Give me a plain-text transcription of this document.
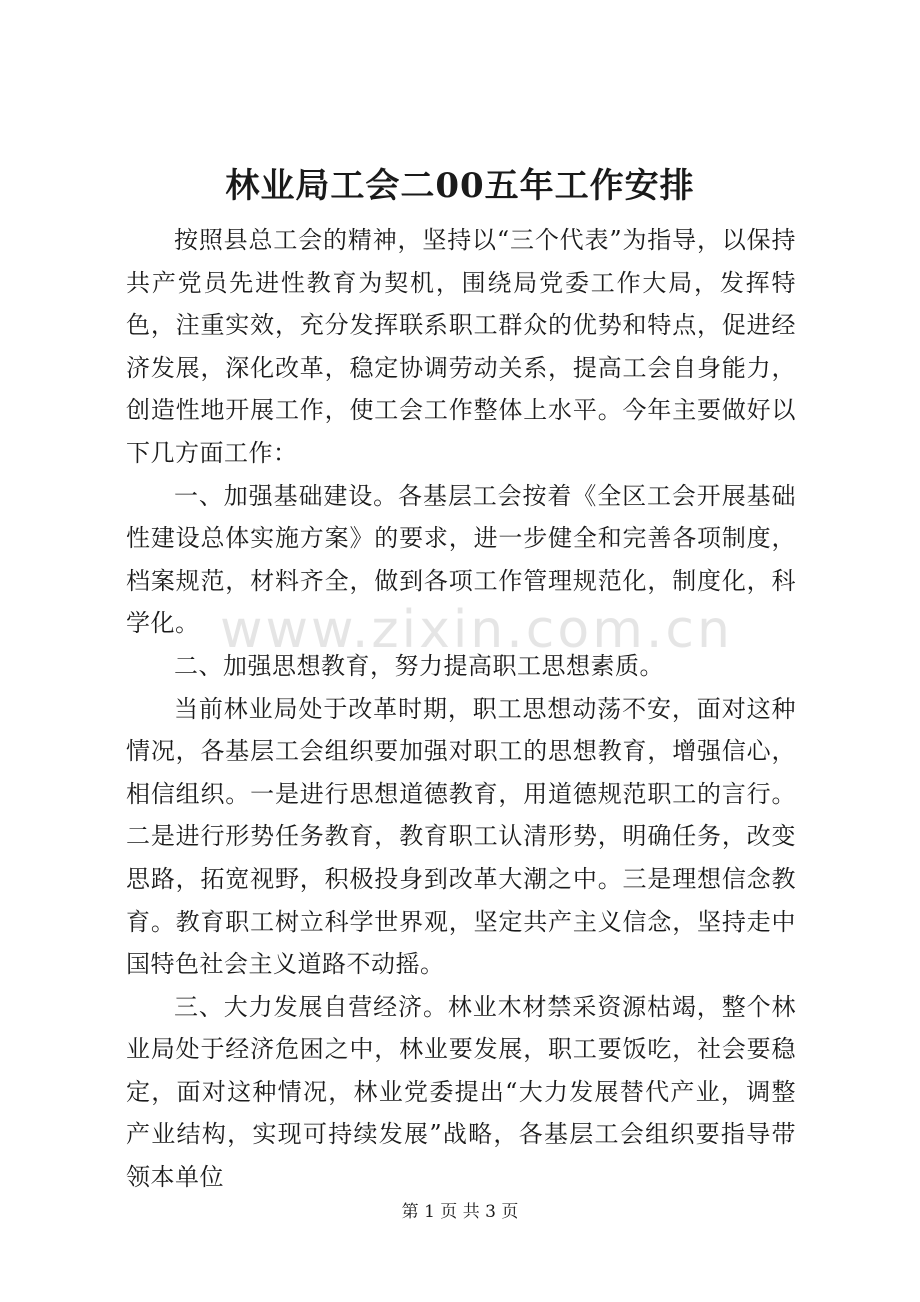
林业局工会二00五年工作安排

按照县总工会的精神，坚持以“三个代表”为指导，以保持共产党员先进性教育为契机，围绕局党委工作大局，发挥特色，注重实效，充分发挥联系职工群众的优势和特点，促进经济发展，深化改革，稳定协调劳动关系，提高工会自身能力，创造性地开展工作，使工会工作整体上水平。今年主要做好以下几方面工作：

一、加强基础建设。各基层工会按着《全区工会开展基础性建设总体实施方案》的要求，进一步健全和完善各项制度，档案规范，材料齐全，做到各项工作管理规范化，制度化，科学化。

二、加强思想教育，努力提高职工思想素质。

当前林业局处于改革时期，职工思想动荡不安，面对这种情况，各基层工会组织要加强对职工的思想教育，增强信心，相信组织。一是进行思想道德教育，用道德规范职工的言行。二是进行形势任务教育，教育职工认清形势，明确任务，改变思路，拓宽视野，积极投身到改革大潮之中。三是理想信念教育。教育职工树立科学世界观，坚定共产主义信念，坚持走中国特色社会主义道路不动摇。

三、大力发展自营经济。林业木材禁采资源枯竭，整个林业局处于经济危困之中，林业要发展，职工要饭吃，社会要稳定，面对这种情况，林业党委提出“大力发展替代产业，调整产业结构，实现可持续发展”战略，各基层工会组织要指导带领本单位

www.zixin.com.cn
第 1 页 共 3 页
